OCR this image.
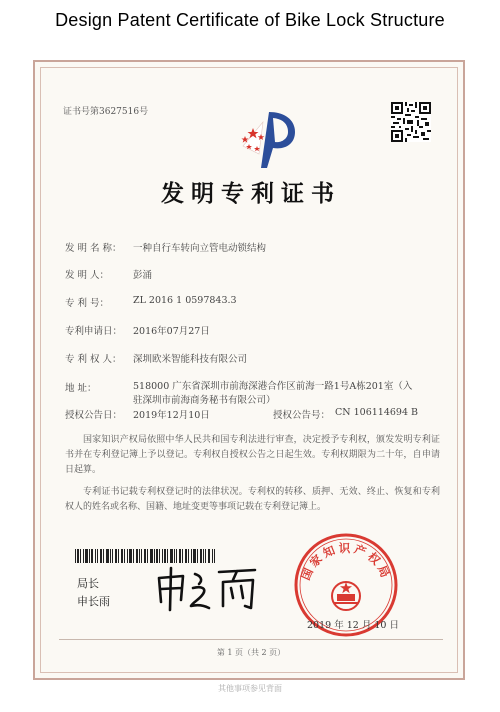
Design Patent Certificate of Bike Lock Structure
证书号第3627516号
发明专利证书
发 明 名 称：	一种自行车转向立管电动锁结构
发 明 人：	彭涌
专 利 号：	ZL 2016 1 0597843.3
专利申请日：	2016年07月27日
专 利 权 人：	深圳欧米智能科技有限公司
地 址：	518000 广东省深圳市前海深港合作区前海一路1号A栋201室（入驻深圳市前海商务秘书有限公司）
授权公告日：	2019年12月10日	授权公告号： CN 106114694 B
国家知识产权局依照中华人民共和国专利法进行审查，决定授予专利权，颁发发明专利证书并在专利登记簿上予以登记。专利权自授权公告之日起生效。专利权期限为二十年，自申请日起算。
专利证书记载专利权登记时的法律状况。专利权的转移、质押、无效、终止、恢复和专利权人的姓名或名称、国籍、地址变更等事项记载在专利登记簿上。
局长
申长雨
国家知识产权局
2019 年 12 月 10 日
第 1 页（共 2 页）
其他事项参见背面
